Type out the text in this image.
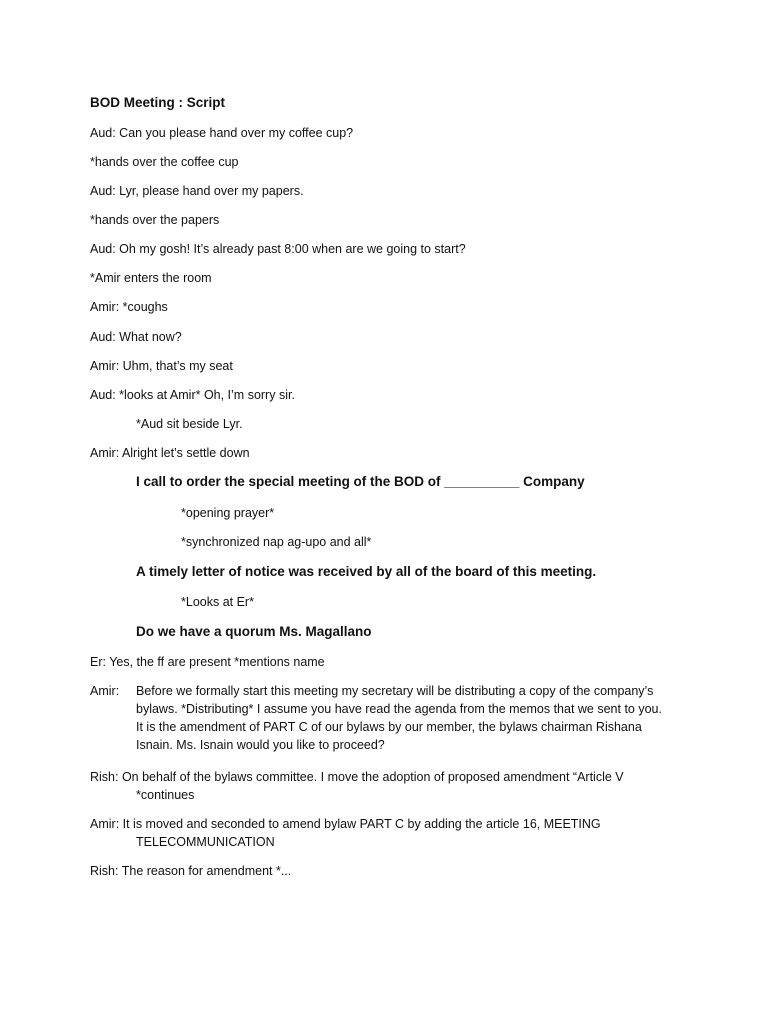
BOD Meeting : Script
Aud: Can you please hand over my coffee cup?
*hands over the coffee cup
Aud: Lyr, please hand over my papers.
*hands over the papers
Aud: Oh my gosh! It’s already past 8:00 when are we going to start?
*Amir enters the room
Amir: *coughs
Aud: What now?
Amir: Uhm, that’s my seat
Aud: *looks at Amir* Oh, I’m sorry sir.
*Aud sit beside Lyr.
Amir: Alright let’s settle down
I call to order the special meeting of the BOD of __________ Company
*opening prayer*
*synchronized nap ag-upo and all*
A timely letter of notice was received by all of the board of this meeting.
*Looks at Er*
Do we have a quorum Ms. Magallano
Er: Yes, the ff are present *mentions name
Amir: Before we formally start this meeting my secretary will be distributing a copy of the company’s
bylaws. *Distributing* I assume you have read the agenda from the memos that we sent to you.
It is the amendment of PART C of our bylaws by our member, the bylaws chairman Rishana
Isnain. Ms. Isnain would you like to proceed?
Rish: On behalf of the bylaws committee. I move the adoption of proposed amendment “Article V
*continues
Amir: It is moved and seconded to amend bylaw PART C by adding the article 16, MEETING
TELECOMMUNICATION
Rish: The reason for amendment *...
